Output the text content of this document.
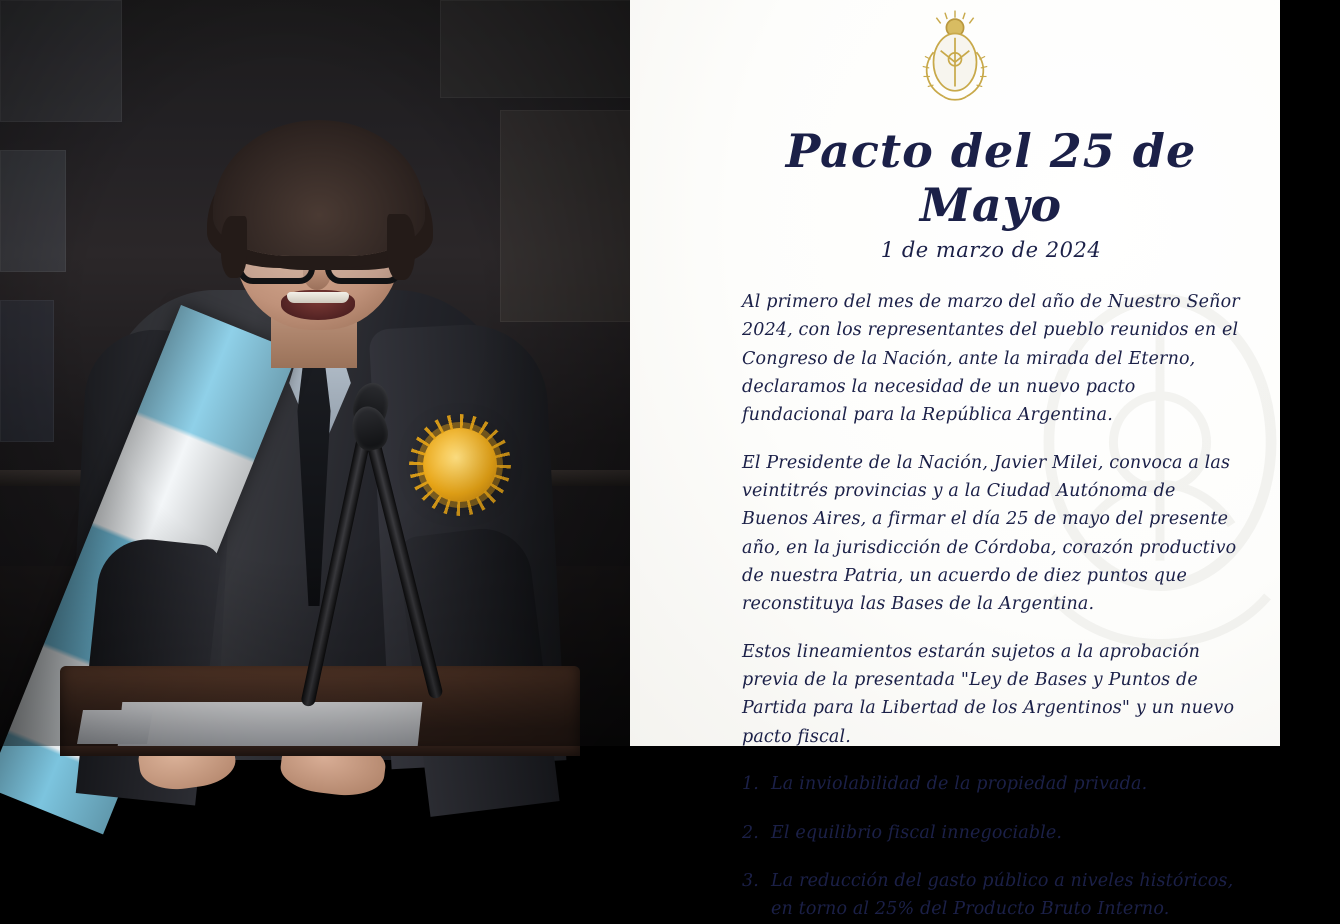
Pacto del 25 de Mayo
1 de marzo de 2024

Al primero del mes de marzo del año de Nuestro Señor 2024, con los representantes del pueblo reunidos en el Congreso de la Nación, ante la mirada del Eterno, declaramos la necesidad de un nuevo pacto fundacional para la República Argentina.

El Presidente de la Nación, Javier Milei, convoca a las veintitrés provincias y a la Ciudad Autónoma de Buenos Aires, a firmar el día 25 de mayo del presente año, en la jurisdicción de Córdoba, corazón productivo de nuestra Patria, un acuerdo de diez puntos que reconstituya las Bases de la Argentina.

Estos lineamientos estarán sujetos a la aprobación previa de la presentada "Ley de Bases y Puntos de Partida para la Libertad de los Argentinos" y un nuevo pacto fiscal.

1. La inviolabilidad de la propiedad privada.
2. El equilibrio fiscal innegociable.
3. La reducción del gasto público a niveles históricos, en torno al 25% del Producto Bruto Interno.
